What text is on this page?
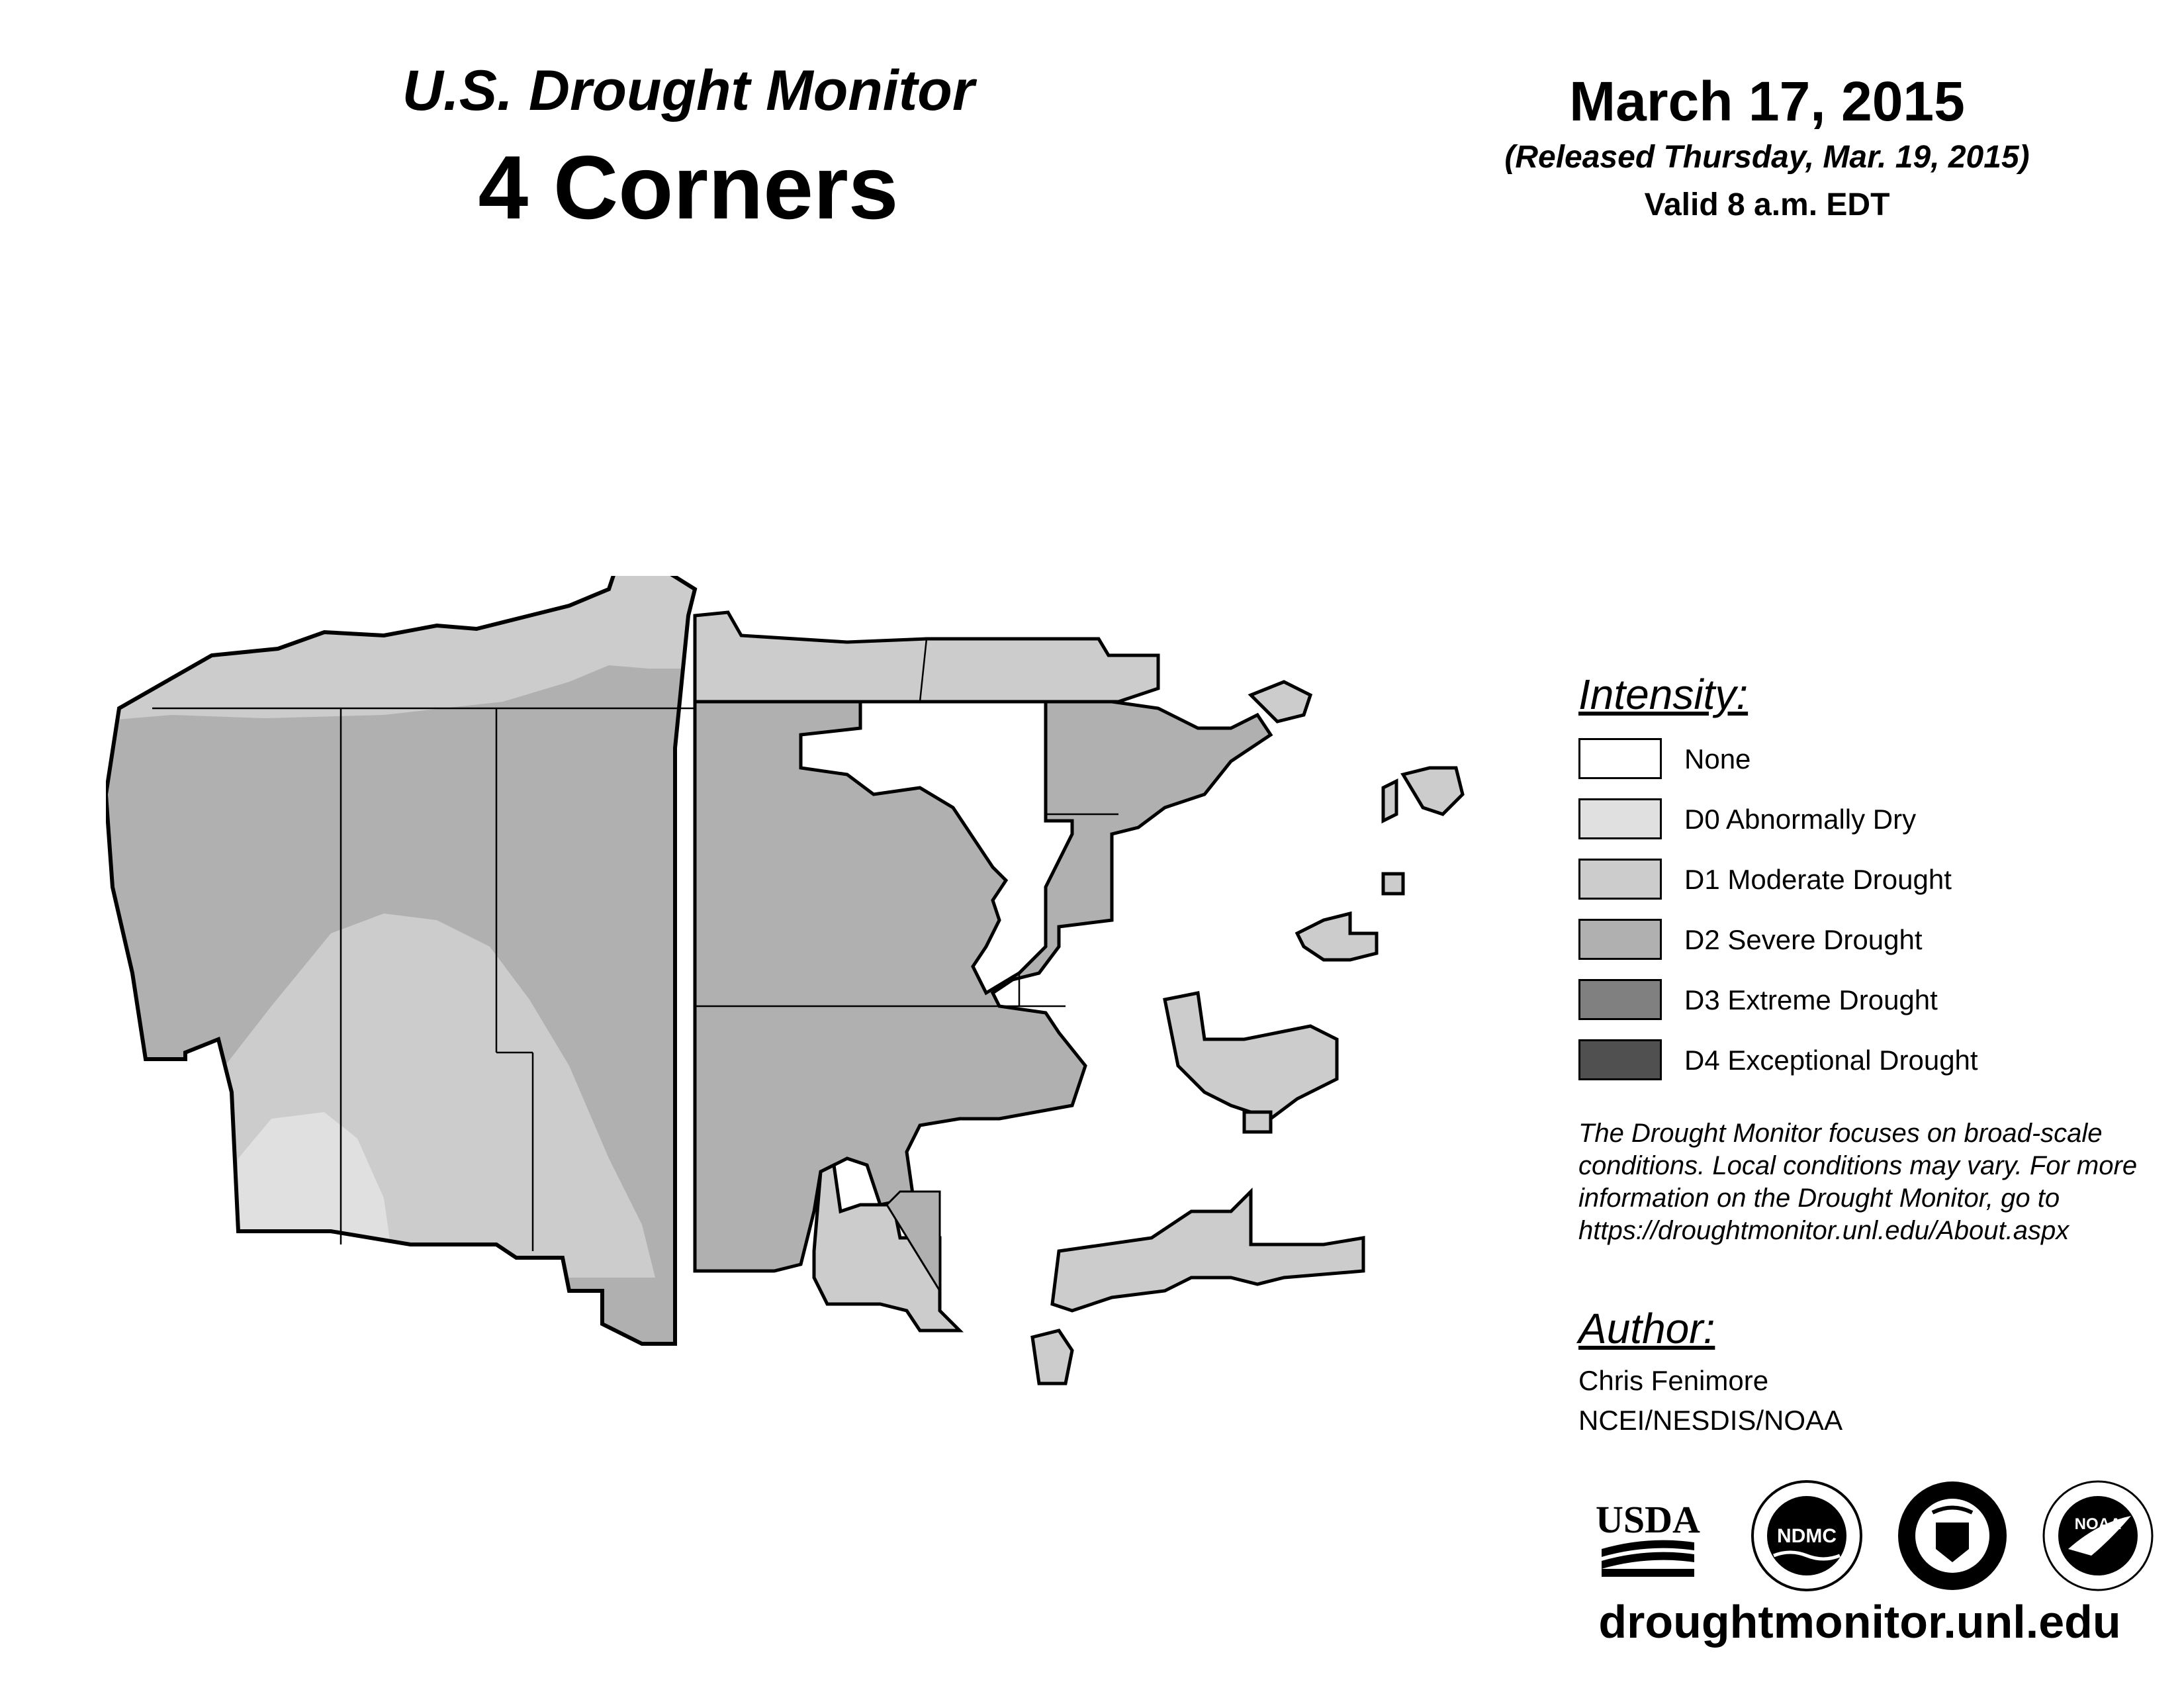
U.S. Drought Monitor
4 Corners
March 17, 2015
(Released Thursday, Mar. 19, 2015)
Valid 8 a.m. EDT
Intensity:
None
D0 Abnormally Dry
D1 Moderate Drought
D2 Severe Drought
D3 Extreme Drought
D4 Exceptional Drought
The Drought Monitor focuses on broad-scale conditions. Local conditions may vary. For more information on the Drought Monitor, go to https://droughtmonitor.unl.edu/About.aspx
Author:
Chris Fenimore
NCEI/NESDIS/NOAA
USDA	NDMC
NOAA
droughtmonitor.unl.edu
